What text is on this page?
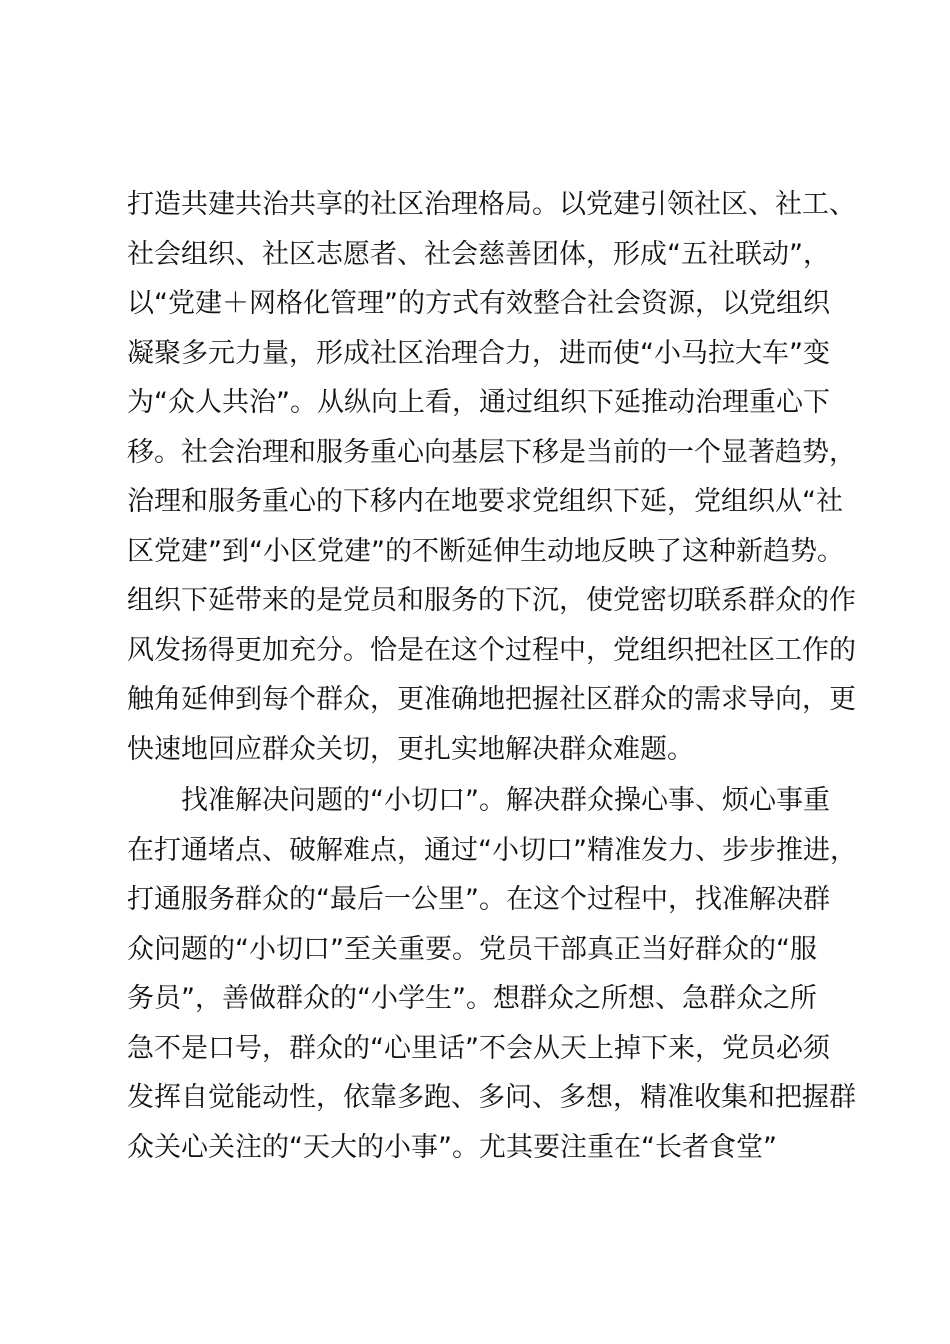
打造共建共治共享的社区治理格局。以党建引领社区、社工、
社会组织、社区志愿者、社会慈善团体，形成“五社联动”，
以“党建＋网格化管理”的方式有效整合社会资源，以党组织
凝聚多元力量，形成社区治理合力，进而使“小马拉大车”变
为“众人共治”。从纵向上看，通过组织下延推动治理重心下
移。社会治理和服务重心向基层下移是当前的一个显著趋势，
治理和服务重心的下移内在地要求党组织下延，党组织从“社
区党建”到“小区党建”的不断延伸生动地反映了这种新趋势。
组织下延带来的是党员和服务的下沉，使党密切联系群众的作
风发扬得更加充分。恰是在这个过程中，党组织把社区工作的
触角延伸到每个群众，更准确地把握社区群众的需求导向，更
快速地回应群众关切，更扎实地解决群众难题。
　　找准解决问题的“小切口”。解决群众操心事、烦心事重
在打通堵点、破解难点，通过“小切口”精准发力、步步推进，
打通服务群众的“最后一公里”。在这个过程中，找准解决群
众问题的“小切口”至关重要。党员干部真正当好群众的“服
务员”，善做群众的“小学生”。想群众之所想、急群众之所
急不是口号，群众的“心里话”不会从天上掉下来，党员必须
发挥自觉能动性，依靠多跑、多问、多想，精准收集和把握群
众关心关注的“天大的小事”。尤其要注重在“长者食堂”
